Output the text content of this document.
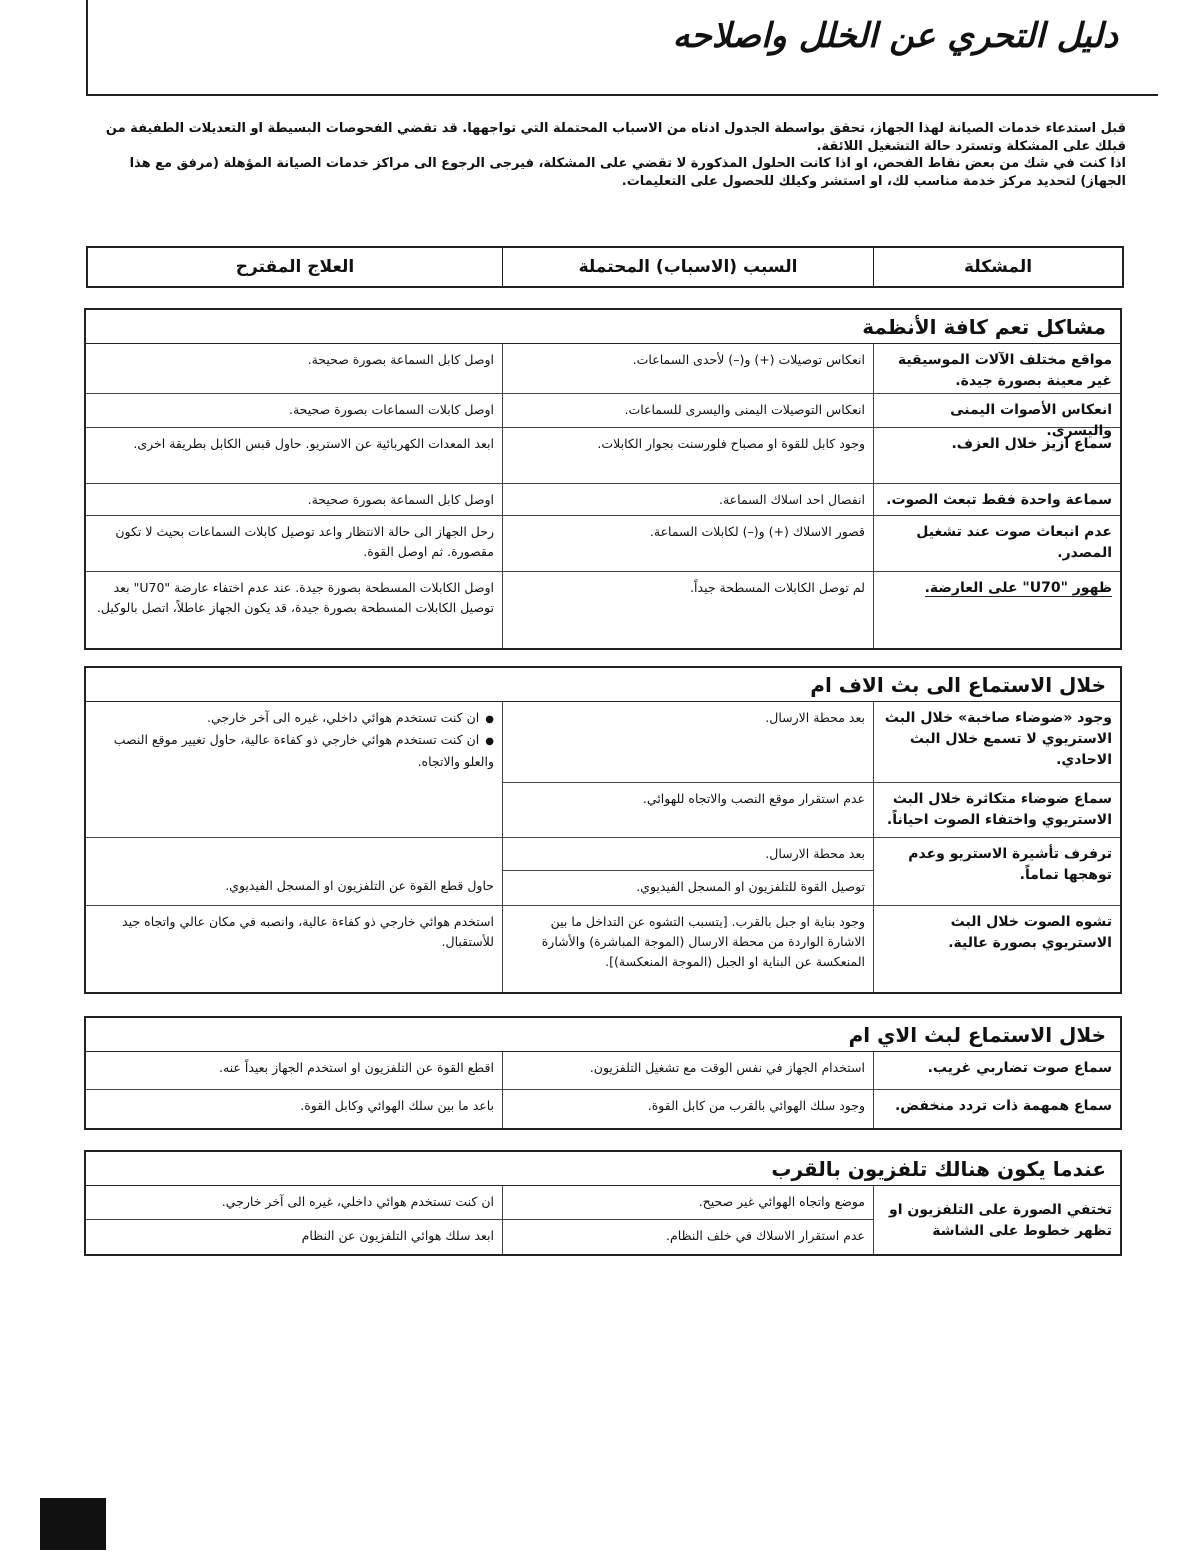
دليل التحري عن الخلل واصلاحه

قبل استدعاء خدمات الصيانة لهذا الجهاز، تحقق بواسطة الجدول ادناه من الاسباب المحتملة التي تواجهها. قد تقضي الفحوصات البسيطة او التعديلات الطفيفة من قبلك على المشكلة وتسترد حالة التشغيل اللائقة.

اذا كنت في شك من بعض نقاط الفحص، او اذا كانت الحلول المذكورة لا تقضي على المشكلة، فيرجى الرجوع الى مراكز خدمات الصيانة المؤهلة (مرفق مع هذا الجهاز) لتحديد مركز خدمة مناسب لك، او استشر وكيلك للحصول على التعليمات.

المشكلة
السبب (الاسباب) المحتملة
العلاج المقترح
مشاكل تعم كافة الأنظمة
مواقع مختلف الآلات الموسيقية غير معينة بصورة جيدة.
انعكاس توصيلات (+) و(–) لأحدى السماعات.
اوصل كابل السماعة بصورة صحيحة.
انعكاس الأصوات اليمنى واليسرى.
انعكاس التوصيلات اليمنى واليسرى للسماعات.
اوصل كابلات السماعات بصورة صحيحة.
سماع ازيز خلال العزف.
وجود كابل للقوة او مصباح فلورسنت بجوار الكابلات.
ابعد المعدات الكهربائية عن الاستريو. حاول قبس الكابل بطريقة اخرى.
سماعة واحدة فقط تبعث الصوت.
انفصال احد اسلاك السماعة.
اوصل كابل السماعة بصورة صحيحة.
عدم انبعاث صوت عند تشغيل المصدر.
قصور الاسلاك (+) و(–) لكابلات السماعة.
رحل الجهاز الى حالة الانتظار واعد توصيل كابلات السماعات بحيث لا تكون مقصورة. ثم اوصل القوة.
ظهور "U70" على العارضة.
لم توصل الكابلات المسطحة جيداً.
اوصل الكابلات المسطحة بصورة جيدة. عند عدم اختفاء عارضة "U70" بعد توصيل الكابلات المسطحة بصورة جيدة، قد يكون الجهاز عاطلاً، اتصل بالوكيل.
خلال الاستماع الى بث الاف ام
وجود «ضوضاء صاخبة» خلال البث الاستريوي لا تسمع خلال البث الاحادي.
بعد محطة الارسال.
سماع ضوضاء متكاثرة خلال البث الاستريوي واختفاء الصوت احياناً.
عدم استقرار موقع النصب والاتجاه للهوائي.
● ان كنت تستخدم هوائي داخلي، غيره الى آخر خارجي.
● ان كنت تستخدم هوائي خارجي ذو كفاءة عالية، حاول تغيير موقع النصب والعلو والاتجاه.
ترفرف تأشيرة الاستريو وعدم توهجها تماماً.
بعد محطة الارسال.
توصيل القوة للتلفزيون او المسجل الفيديوي.
حاول قطع القوة عن التلفزيون او المسجل الفيديوي.
تشوه الصوت خلال البث الاستريوي بصورة عالية.
وجود بناية او جبل بالقرب. [يتسبب التشوه عن التداخل ما بين الاشارة الواردة من محطة الارسال (الموجة المباشرة) والأشارة المنعكسة عن البناية او الجبل (الموجة المنعكسة)].
استخدم هوائي خارجي ذو كفاءة عالية، وانصبه في مكان عالي واتجاه جيد للأستقبال.
خلال الاستماع لبث الاي ام
سماع صوت تضاربي غريب.
استخدام الجهاز في نفس الوقت مع تشغيل التلفزيون.
اقطع القوة عن التلفزيون او استخدم الجهاز بعيداً عنه.
سماع همهمة ذات تردد منخفض.
وجود سلك الهوائي بالقرب من كابل القوة.
باعد ما بين سلك الهوائي وكابل القوة.
عندما يكون هنالك تلفزيون بالقرب
تختفي الصورة على التلفزيون او تظهر خطوط على الشاشة
موضع واتجاه الهوائي غير صحيح.
عدم استقرار الاسلاك في خلف النظام.
ان كنت تستخدم هوائي داخلي، غيره الى آخر خارجي.
ابعد سلك هوائي التلفزيون عن النظام
